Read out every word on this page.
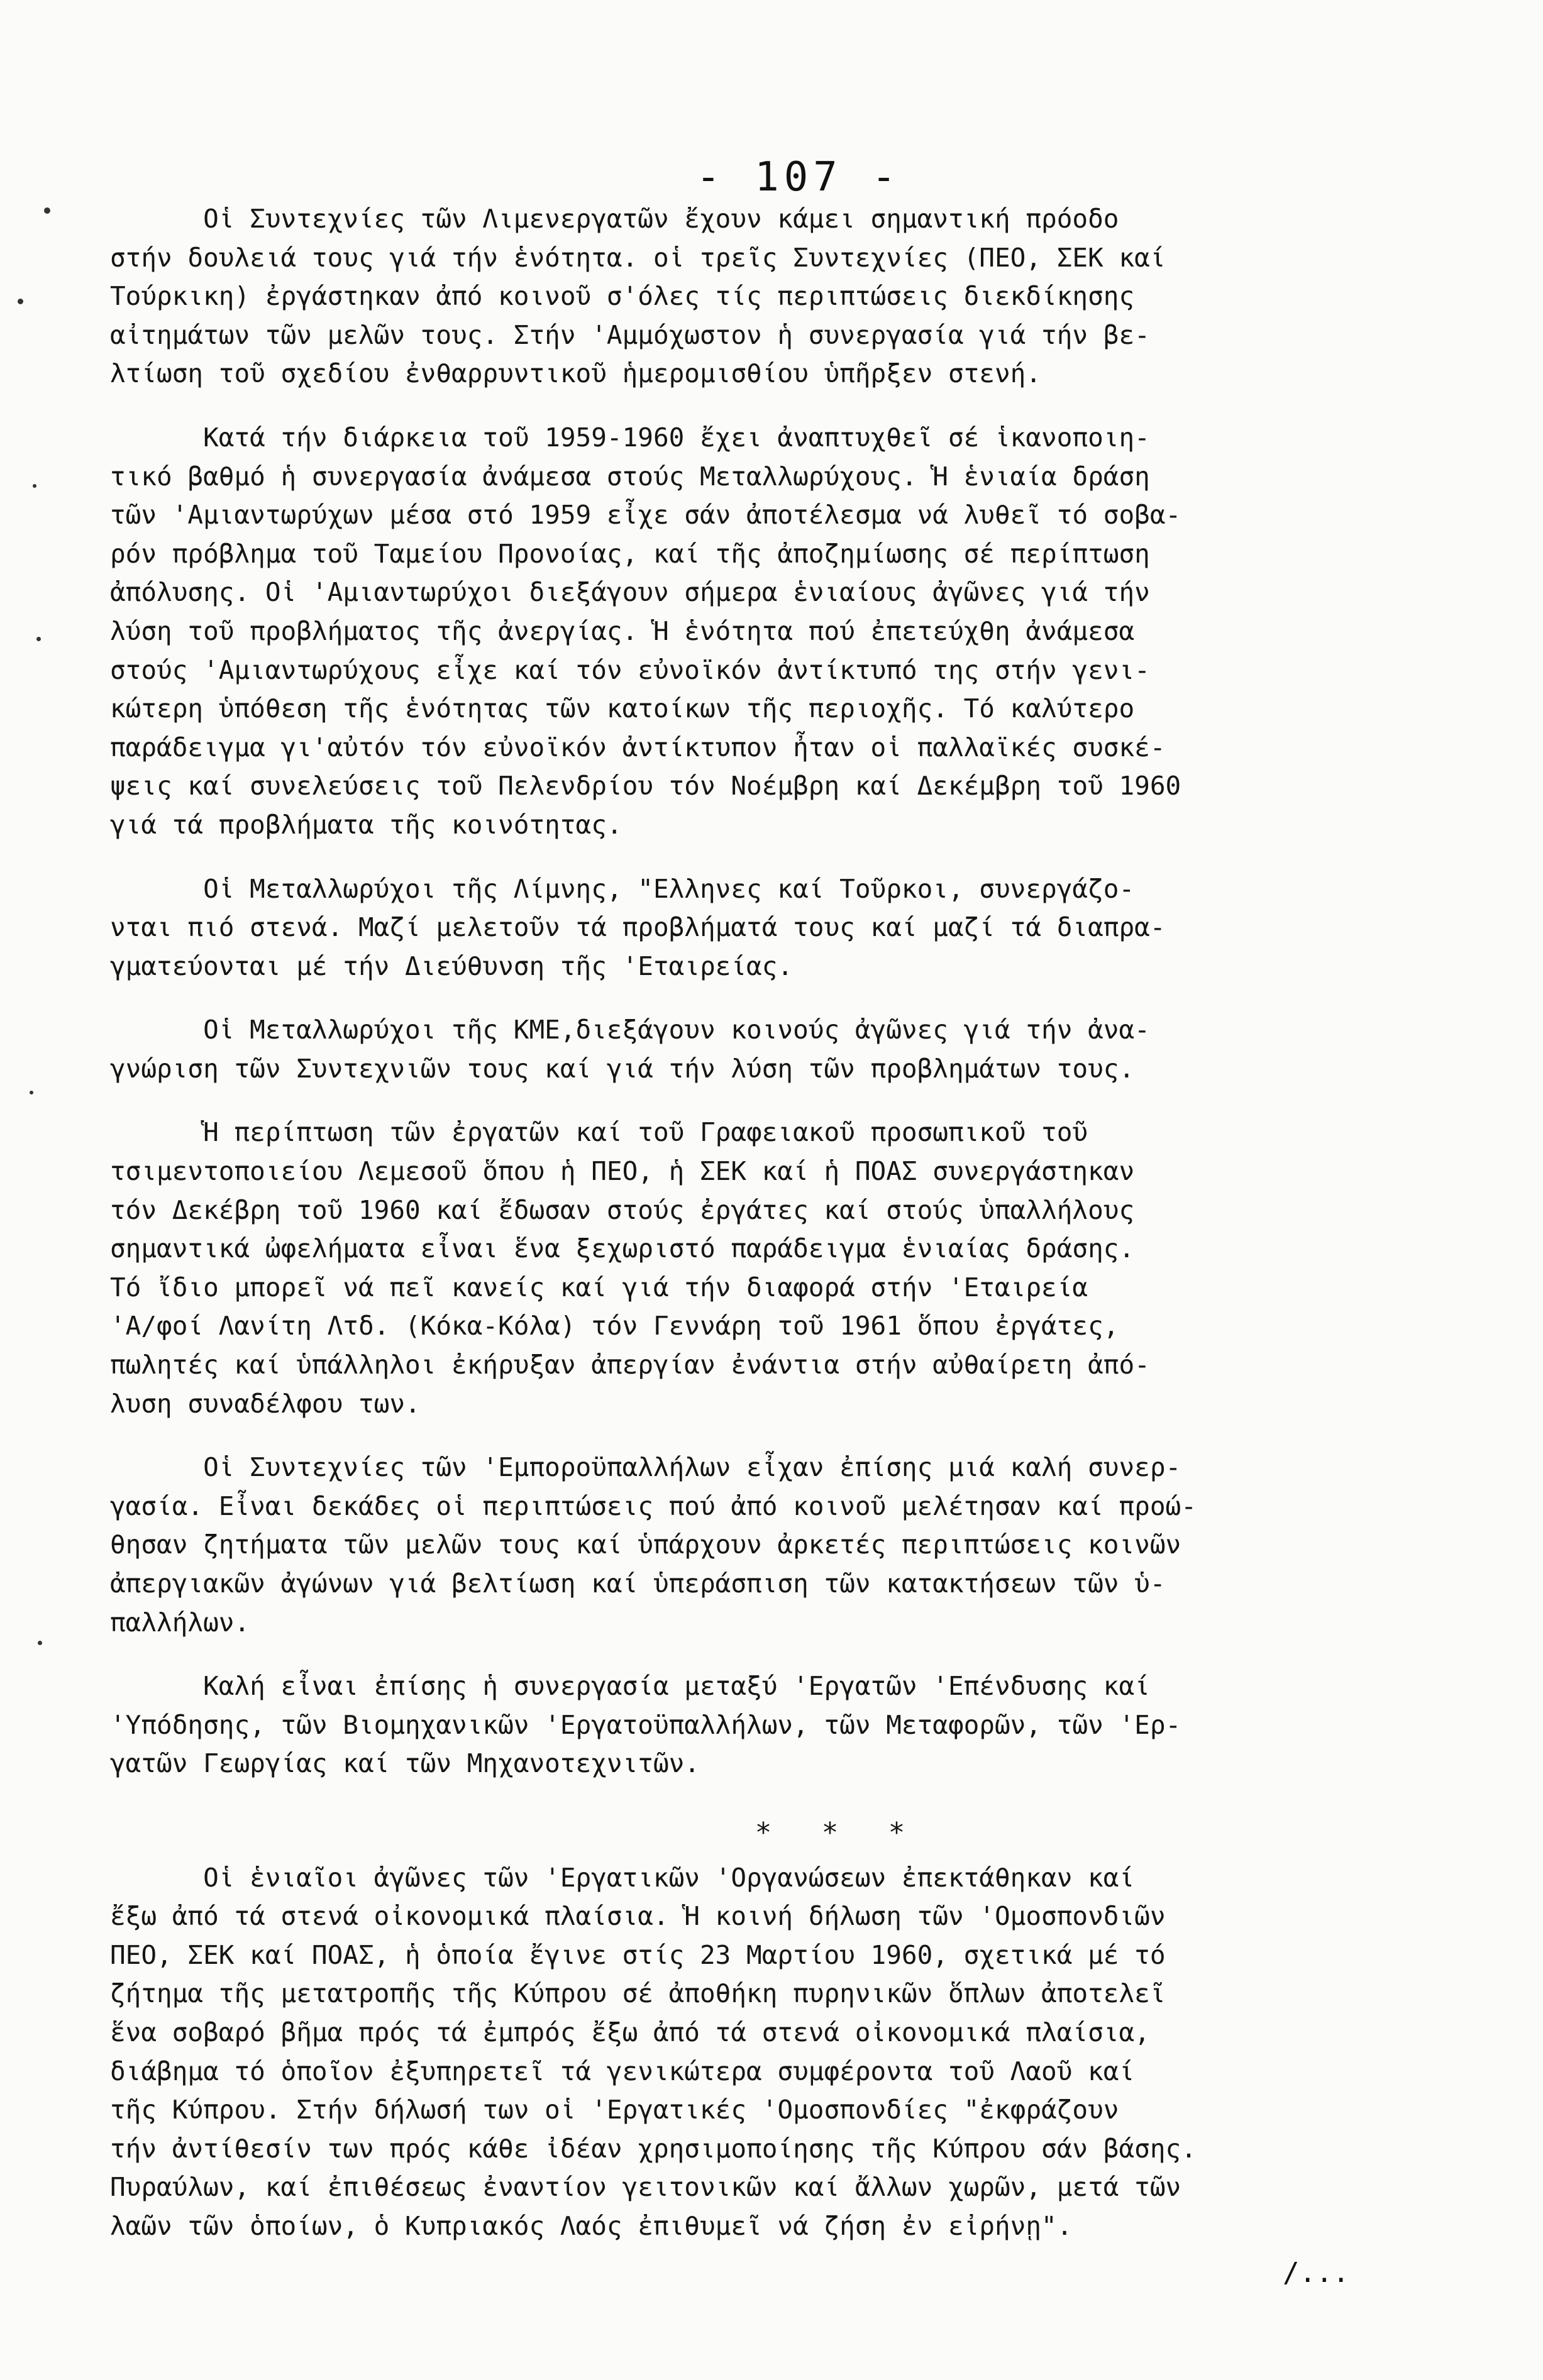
- 107 -
Οἱ Συντεχνίες τῶν Λιμενεργατῶν ἔχουν κάμει σημαντική πρόοδο
στήν δουλειά τους γιά τήν ἑνότητα. οἱ τρεῖς Συντεχνίες (ΠΕΟ, ΣΕΚ καί
Τούρκικη) ἐργάστηκαν ἀπό κοινοῦ σ'όλες τίς περιπτώσεις διεκδίκησης
αἰτημάτων τῶν μελῶν τους. Στήν 'Αμμόχωστον ἡ συνεργασία γιά τήν βε-
λτίωση τοῦ σχεδίου ἐνθαρρυντικοῦ ἡμερομισθίου ὑπῆρξεν στενή.
Κατά τήν διάρκεια τοῦ 1959-1960 ἔχει ἀναπτυχθεῖ σέ ἱκανοποιη-
τικό βαθμό ἡ συνεργασία ἀνάμεσα στούς Μεταλλωρύχους. Ἡ ἑνιαία δράση
τῶν 'Αμιαντωρύχων μέσα στό 1959 εἶχε σάν ἀποτέλεσμα νά λυθεῖ τό σοβα-
ρόν πρόβλημα τοῦ Ταμείου Προνοίας, καί τῆς ἀποζημίωσης σέ περίπτωση
ἀπόλυσης. Οἱ 'Αμιαντωρύχοι διεξάγουν σήμερα ἑνιαίους ἀγῶνες γιά τήν
λύση τοῦ προβλήματος τῆς ἀνεργίας. Ἡ ἑνότητα πού ἐπετεύχθη ἀνάμεσα
στούς 'Αμιαντωρύχους εἶχε καί τόν εὐνοϊκόν ἀντίκτυπό της στήν γενι-
κώτερη ὑπόθεση τῆς ἑνότητας τῶν κατοίκων τῆς περιοχῆς. Τό καλύτερο
παράδειγμα γι'αὐτόν τόν εὐνοϊκόν ἀντίκτυπον ἦταν οἱ παλλαϊκές συσκέ-
ψεις καί συνελεύσεις τοῦ Πελενδρίου τόν Νοέμβρη καί Δεκέμβρη τοῦ 1960
γιά τά προβλήματα τῆς κοινότητας.
Οἱ Μεταλλωρύχοι τῆς Λίμνης, "Ελληνες καί Τοῦρκοι, συνεργάζο-
νται πιό στενά. Μαζί μελετοῦν τά προβλήματά τους καί μαζί τά διαπρα-
γματεύονται μέ τήν Διεύθυνση τῆς 'Εταιρείας.
Οἱ Μεταλλωρύχοι τῆς ΚΜΕ,διεξάγουν κοινούς ἀγῶνες γιά τήν ἀνα-
γνώριση τῶν Συντεχνιῶν τους καί γιά τήν λύση τῶν προβλημάτων τους.
Ἡ περίπτωση τῶν ἐργατῶν καί τοῦ Γραφειακοῦ προσωπικοῦ τοῦ
τσιμεντοποιείου Λεμεσοῦ ὅπου ἡ ΠΕΟ, ἡ ΣΕΚ καί ἡ ΠΟΑΣ συνεργάστηκαν
τόν Δεκέβρη τοῦ 1960 καί ἔδωσαν στούς ἐργάτες καί στούς ὑπαλλήλους
σημαντικά ὠφελήματα εἶναι ἕνα ξεχωριστό παράδειγμα ἑνιαίας δράσης.
Τό ἴδιο μπορεῖ νά πεῖ κανείς καί γιά τήν διαφορά στήν 'Εταιρεία
'Α/φοί Λανίτη Λτδ. (Κόκα-Κόλα) τόν Γεννάρη τοῦ 1961 ὅπου ἐργάτες,
πωλητές καί ὑπάλληλοι ἐκήρυξαν ἀπεργίαν ἐνάντια στήν αὐθαίρετη ἀπό-
λυση συναδέλφου των.
Οἱ Συντεχνίες τῶν 'Εμποροϋπαλλήλων εἶχαν ἐπίσης μιά καλή συνερ-
γασία. Εἶναι δεκάδες οἱ περιπτώσεις πού ἀπό κοινοῦ μελέτησαν καί προώ-
θησαν ζητήματα τῶν μελῶν τους καί ὑπάρχουν ἀρκετές περιπτώσεις κοινῶν
ἀπεργιακῶν ἀγώνων γιά βελτίωση καί ὑπεράσπιση τῶν κατακτήσεων τῶν ὑ-
παλλήλων.
Καλή εἶναι ἐπίσης ἡ συνεργασία μεταξύ 'Εργατῶν 'Επένδυσης καί
'Υπόδησης, τῶν Βιομηχανικῶν 'Εργατοϋπαλλήλων, τῶν Μεταφορῶν, τῶν 'Ερ-
γατῶν Γεωργίας καί τῶν Μηχανοτεχνιτῶν.
*   *   *
Οἱ ἑνιαῖοι ἀγῶνες τῶν 'Εργατικῶν 'Οργανώσεων ἐπεκτάθηκαν καί
ἔξω ἀπό τά στενά οἰκονομικά πλαίσια. Ἡ κοινή δήλωση τῶν 'Ομοσπονδιῶν
ΠΕΟ, ΣΕΚ καί ΠΟΑΣ, ἡ ὁποία ἔγινε στίς 23 Μαρτίου 1960, σχετικά μέ τό
ζήτημα τῆς μετατροπῆς τῆς Κύπρου σέ ἀποθήκη πυρηνικῶν ὅπλων ἀποτελεῖ
ἕνα σοβαρό βῆμα πρός τά ἐμπρός ἔξω ἀπό τά στενά οἰκονομικά πλαίσια,
διάβημα τό ὁποῖον ἐξυπηρετεῖ τά γενικώτερα συμφέροντα τοῦ Λαοῦ καί
τῆς Κύπρου. Στήν δήλωσή των οἱ 'Εργατικές 'Ομοσπονδίες "ἐκφράζουν
τήν ἀντίθεσίν των πρός κάθε ἰδέαν χρησιμοποίησης τῆς Κύπρου σάν βάσης.
Πυραύλων, καί ἐπιθέσεως ἐναντίον γειτονικῶν καί ἄλλων χωρῶν, μετά τῶν
λαῶν τῶν ὁποίων, ὁ Κυπριακός Λαός ἐπιθυμεῖ νά ζήση ἐν εἰρήνῃ".
/...
